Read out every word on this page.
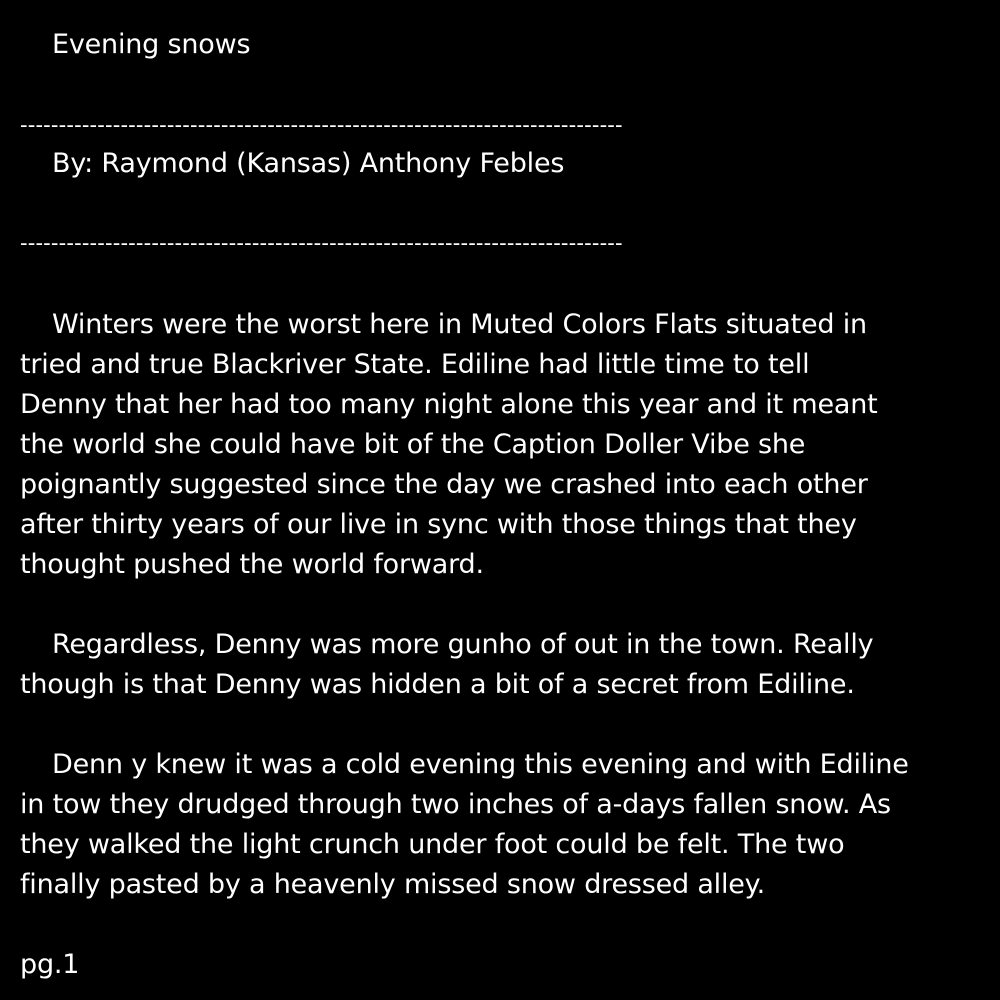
Evening snows
------------------------------------------------------------------------------
By: Raymond (Kansas) Anthony Febles
------------------------------------------------------------------------------
Winters were the worst here in Muted Colors Flats situated in
tried and true Blackriver State. Ediline had little time to tell
Denny that her had too many night alone this year and it meant
the world she could have bit of the Caption Doller Vibe she
poignantly suggested since the day we crashed into each other
after thirty years of our live in sync with those things that they
thought pushed the world forward.
Regardless, Denny was more gunho of out in the town. Really
though is that Denny was hidden a bit of a secret from Ediline.
Denn y knew it was a cold evening this evening and with Ediline
in tow they drudged through two inches of a-days fallen snow. As
they walked the light crunch under foot could be felt. The two
finally pasted by a heavenly missed snow dressed alley.
pg.1
